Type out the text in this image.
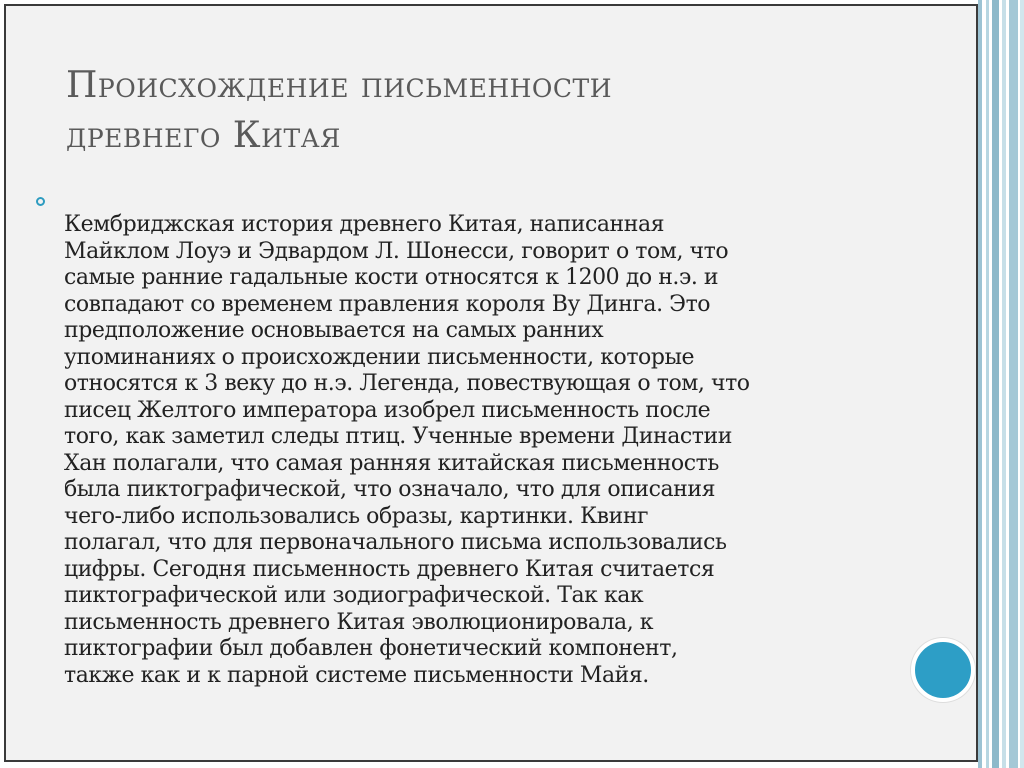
Происхождение письменности
древнего Китая

Кембриджская история древнего Китая, написанная
Майклом Лоуэ и Эдвардом Л. Шонесси, говорит о том, что
самые ранние гадальные кости относятся к 1200 до н.э. и
совпадают со временем правления короля Ву Динга. Это
предположение основывается на самых ранних
упоминаниях о происхождении письменности, которые
относятся к 3 веку до н.э. Легенда, повествующая о том, что
писец Желтого императора изобрел письменность после
того, как заметил следы птиц. Ученные времени Династии
Хан полагали, что самая ранняя китайская письменность
была пиктографической, что означало, что для описания
чего-либо использовались образы, картинки. Квинг
полагал, что для первоначального письма использовались
цифры. Сегодня письменность древнего Китая считается
пиктографической или зодиографической. Так как
письменность древнего Китая эволюционировала, к
пиктографии был добавлен фонетический компонент,
также как и к парной системе письменности Майя.
